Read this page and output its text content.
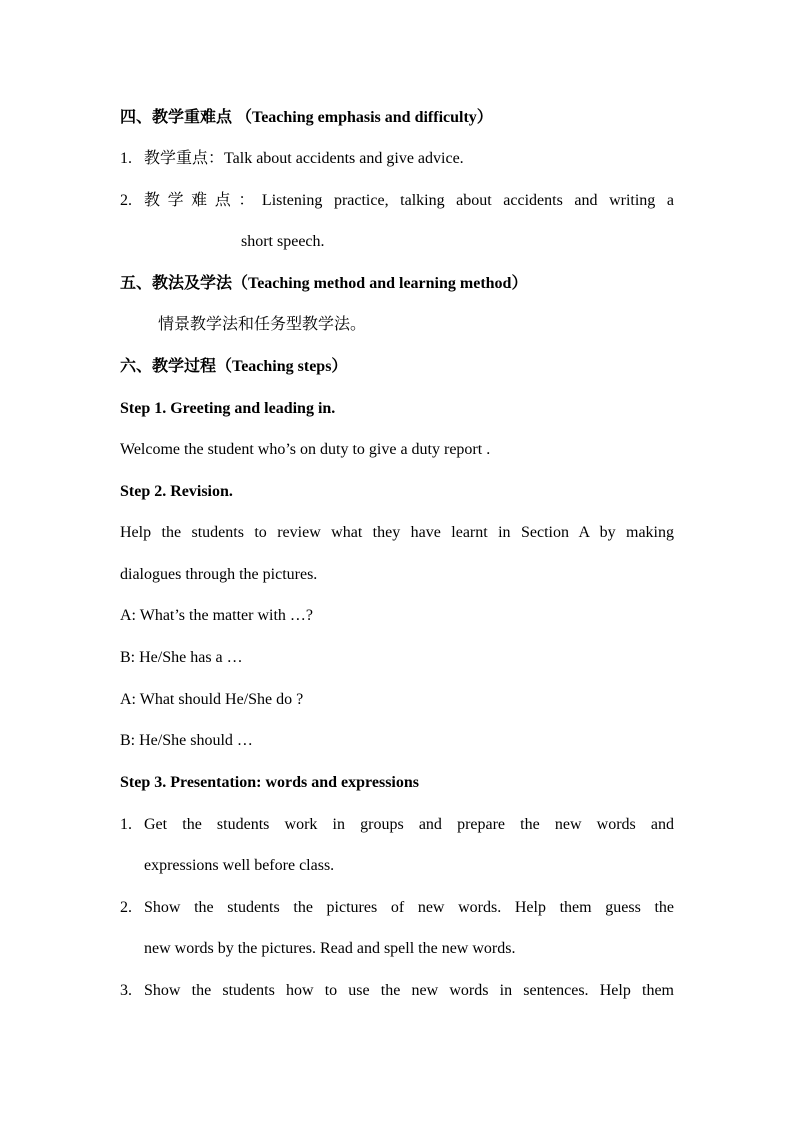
四、教学重难点 （Teaching emphasis and difficulty）
1. 教学重点：Talk about accidents and give advice.
2. 教学难点：Listening practice, talking about accidents and writing a
short speech.
五、教法及学法（Teaching method and learning method）
情景教学法和任务型教学法。
六、教学过程（Teaching steps）
Step 1. Greeting and leading in.
Welcome the student who’s on duty to give a duty report .
Step 2. Revision.
Help the students to review what they have learnt in Section A by making
dialogues through the pictures.
A: What’s the matter with …?
B: He/She has a …
A: What should He/She do ?
B: He/She should …
Step 3. Presentation: words and expressions
1. Get the students work in groups and prepare the new words and
expressions well before class.
2. Show the students the pictures of new words. Help them guess the
new words by the pictures. Read and spell the new words.
3. Show the students how to use the new words in sentences. Help them
